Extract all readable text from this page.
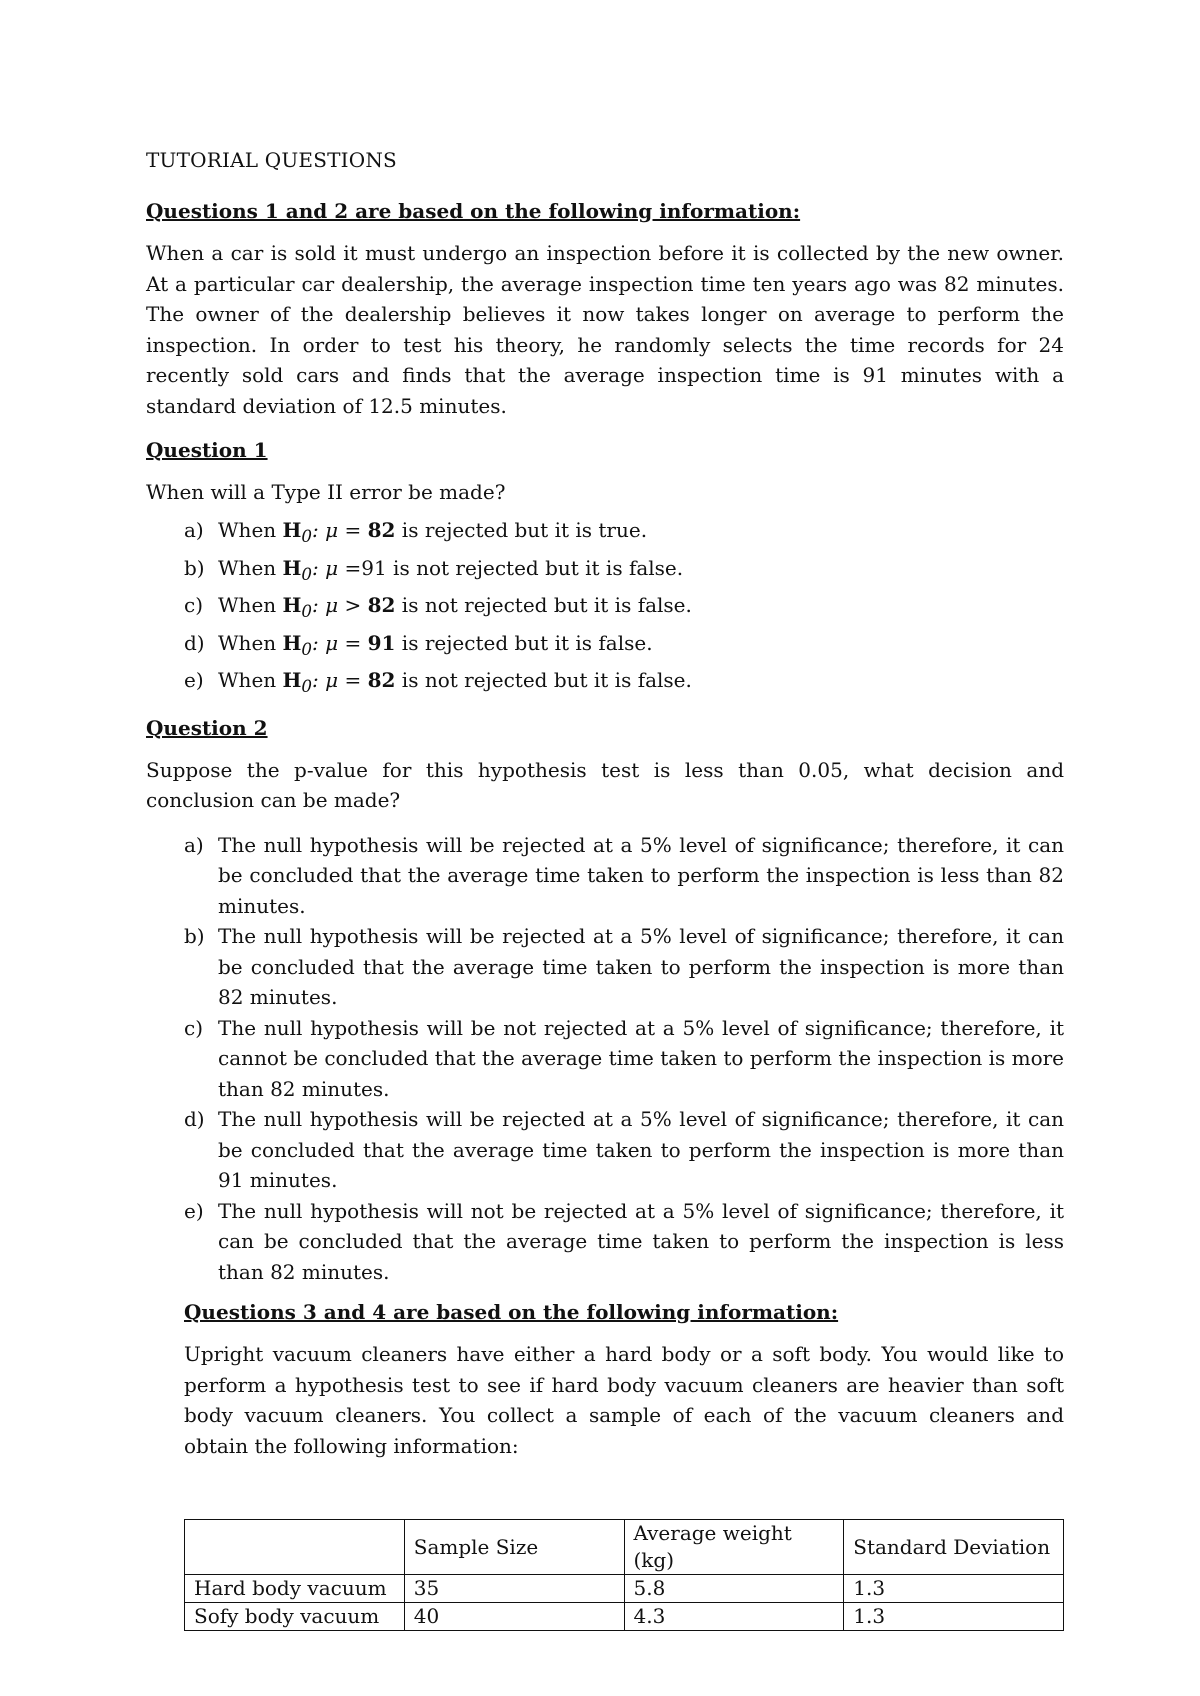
TUTORIAL QUESTIONS
Questions 1 and 2 are based on the following information:
When a car is sold it must undergo an inspection before it is collected by the new owner. At a particular car dealership, the average inspection time ten years ago was 82 minutes. The owner of the dealership believes it now takes longer on average to perform the inspection. In order to test his theory, he randomly selects the time records for 24 recently sold cars and finds that the average inspection time is 91 minutes with a standard deviation of 12.5 minutes.
Question 1
When will a Type II error be made?
a) When $H_0$: μ = 82 is rejected but it is true.
b) When $H_0$: μ =91 is not rejected but it is false.
c) When $H_0$: μ > 82 is not rejected but it is false.
d) When $H_0$: μ = 91 is rejected but it is false.
e) When $H_0$: μ = 82 is not rejected but it is false.
Question 2
Suppose the p-value for this hypothesis test is less than 0.05, what decision and conclusion can be made?
a) The null hypothesis will be rejected at a 5% level of significance; therefore, it can be concluded that the average time taken to perform the inspection is less than 82 minutes.
b) The null hypothesis will be rejected at a 5% level of significance; therefore, it can be concluded that the average time taken to perform the inspection is more than 82 minutes.
c) The null hypothesis will be not rejected at a 5% level of significance; therefore, it cannot be concluded that the average time taken to perform the inspection is more than 82 minutes.
d) The null hypothesis will be rejected at a 5% level of significance; therefore, it can be concluded that the average time taken to perform the inspection is more than 91 minutes.
e) The null hypothesis will not be rejected at a 5% level of significance; therefore, it can be concluded that the average time taken to perform the inspection is less than 82 minutes.
Questions 3 and 4 are based on the following information:
Upright vacuum cleaners have either a hard body or a soft body. You would like to perform a hypothesis test to see if hard body vacuum cleaners are heavier than soft body vacuum cleaners. You collect a sample of each of the vacuum cleaners and obtain the following information:
	Sample Size	Average weight (kg)	Standard Deviation
Hard body vacuum	35	5.8	1.3
Sofy body vacuum	40	4.3	1.3
